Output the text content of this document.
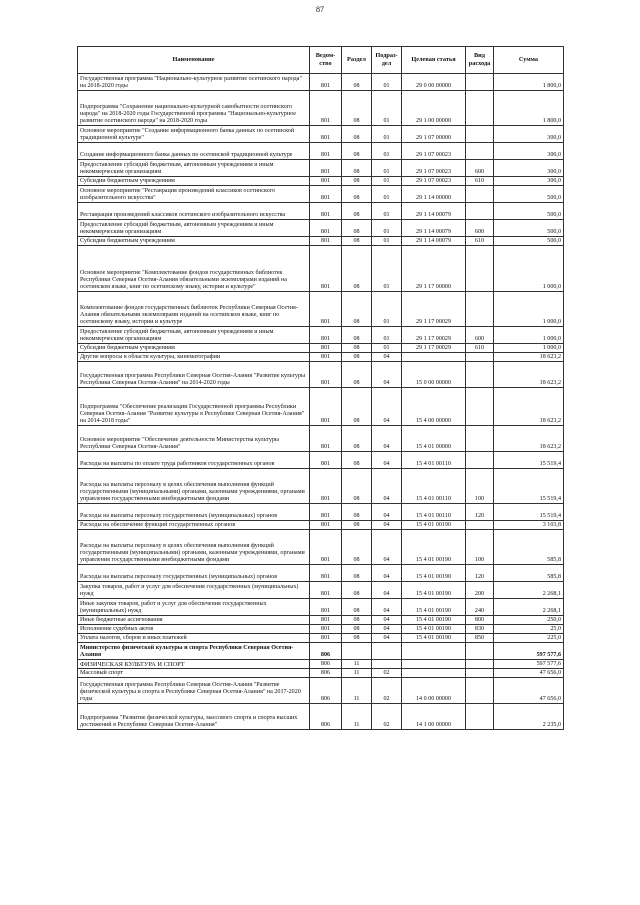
87
Наименование	Ведом-ство	Раздел	Подраз-дел	Целевая статья	Вид расхода	Сумма
Государственная программа "Национально-культурное развитие осетинского народа" на 2018-2020 годы	801	08	01	29 0 00 00000		1 800,0
Подпрограмма "Сохранение национально-культурной самобытности осетинского народа" на 2018-2020 годы Государственной программы "Национально-культурное развитие осетинского народа" на 2018-2020 годы	801	08	01	29 1 00 00000		1 800,0
Основное мероприятие "Создание информационного банка данных по осетинской традиционной культуре"	801	08	01	29 1 07 00000		300,0
Создание информационного банка данных по осетинской традиционной культуре	801	08	01	29 1 07 00023		300,0
Предоставление субсидий бюджетным, автономным учреждениям и иным некоммерческим организациям	801	08	01	29 1 07 00023	600	300,0
Субсидии бюджетным учреждениям	801	08	01	29 1 07 00023	610	300,0
Основное мероприятие "Реставрация произведений классиков осетинского изобразительного искусства"	801	08	01	29 1 14 00000		500,0
Реставрация произведений классиков осетинского изобразительного искусства	801	08	01	29 1 14 00079		500,0
Предоставление субсидий бюджетным, автономным учреждениям и иным некоммерческим организациям	801	08	01	29 1 14 00079	600	500,0
Субсидии бюджетным учреждениям	801	08	01	29 1 14 00079	610	500,0
Основное мероприятие "Комплектование фондов государственных библиотек Республики Северная Осетия-Алания обязательными экземплярами изданий на осетинском языке, книг по осетинскому языку, истории и культуре"	801	08	01	29 1 17 00000		1 000,0
Комплектование фондов государственных библиотек Республики Северная Осетия-Алания обязательными экземплярами изданий на осетинском языке, книг по осетинскому языку, истории и культуре	801	08	01	29 1 17 00029		1 000,0
Предоставление субсидий бюджетным, автономным учреждениям и иным некоммерческим организациям	801	08	01	29 1 17 00029	600	1 000,0
Субсидии бюджетным учреждениям	801	08	01	29 1 17 00029	610	1 000,0
Другие вопросы в области культуры, кинематографии	801	08	04			18 623,2
Государственная программа Республики Северная Осетия-Алания "Развитие культуры Республики Северная Осетия-Алания" на 2014-2020 годы	801	08	04	15 0 00 00000		18 623,2
Подпрограмма "Обеспечение реализации Государственной программы Республики Северная Осетия-Алания "Развитие культуры в Республике Северная Осетия-Алания" на 2014-2018 годы"	801	08	04	15 4 00 00000		18 623,2
Основное мероприятие "Обеспечение деятельности Министерства культуры Республики Северная Осетия-Алания"	801	08	04	15 4 01 00000		18 623,2
Расходы на выплаты по оплате труда работников государственных органов	801	08	04	15 4 01 00110		15 519,4
Расходы на выплаты персоналу в целях обеспечения выполнения функций государственными (муниципальными) органами, казенными учреждениями, органами управления государственными внебюджетными фондами	801	08	04	15 4 01 00110	100	15 519,4
Расходы на выплаты персоналу государственных (муниципальных) органов	801	08	04	15 4 01 00110	120	15 519,4
Расходы на обеспечение функций государственных органов	801	08	04	15 4 01 00190		3 103,8
Расходы на выплаты персоналу в целях обеспечения выполнения функций государственными (муниципальными) органами, казенными учреждениями, органами управления государственными внебюджетными фондами	801	08	04	15 4 01 00190	100	585,8
Расходы на выплаты персоналу государственных (муниципальных) органов	801	08	04	15 4 01 00190	120	585,8
Закупка товаров, работ и услуг для обеспечения государственных (муниципальных) нужд	801	08	04	15 4 01 00190	200	2 268,1
Иные закупки товаров, работ и услуг для обеспечения государственных (муниципальных) нужд	801	08	04	15 4 01 00190	240	2 268,1
Иные бюджетные ассигнования	801	08	04	15 4 01 00190	800	250,0
Исполнение судебных актов	801	08	04	15 4 01 00190	830	25,0
Уплата налогов, сборов и иных платежей	801	08	04	15 4 01 00190	850	225,0
Министерство физической культуры и спорта Республики Северная Осетия-Алания	806					597 577,6
ФИЗИЧЕСКАЯ КУЛЬТУРА И СПОРТ	806	11				597 577,6
Массовый спорт	806	11	02			47 656,0
Государственная программа Республики Северная Осетия-Алания "Развитие физической культуры и спорта в Республике Северная Осетия-Алания" на 2017-2020 годы	806	11	02	14 0 00 00000		47 656,0
Подпрограмма "Развитие физической культуры, массового спорта и спорта высших достижений в Республике Северная Осетия-Алания"	806	11	02	14 1 00 00000		2 235,0
